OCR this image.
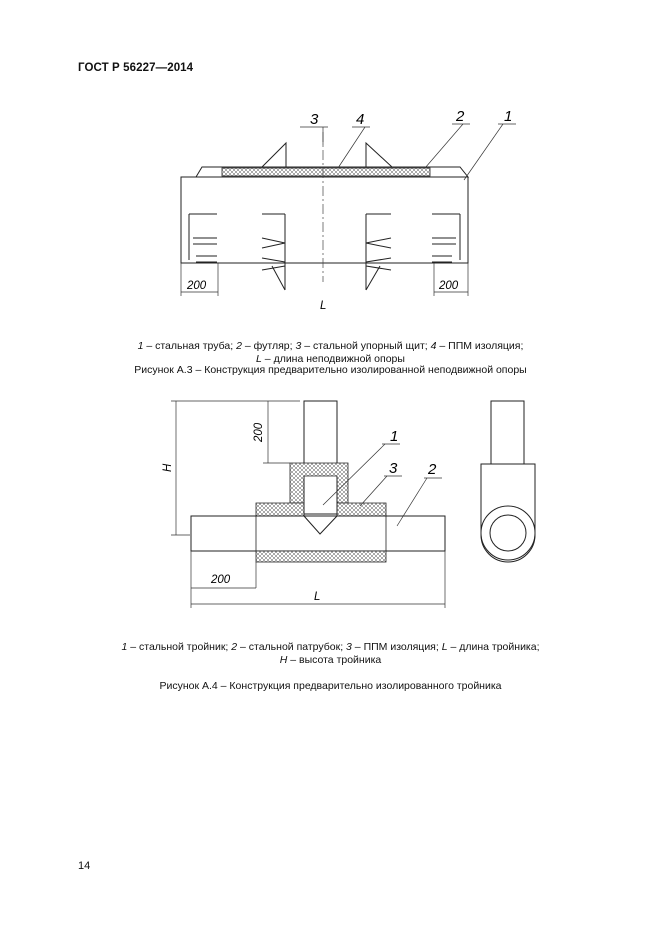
ГОСТ Р 56227—2014
3	4	2	1
200	200
L
1 – стальная труба; 2 – футляр; 3 – стальной упорный щит; 4 – ППМ изоляция;
L – длина неподвижной опоры
Рисунок А.3 – Конструкция предварительно изолированной неподвижной опоры
200
H
200
L
1
3 2
1 – стальной тройник; 2 – стальной патрубок; 3 – ППМ изоляция; L – длина тройника;
H – высота тройника
Рисунок А.4 – Конструкция предварительно изолированного тройника
14
